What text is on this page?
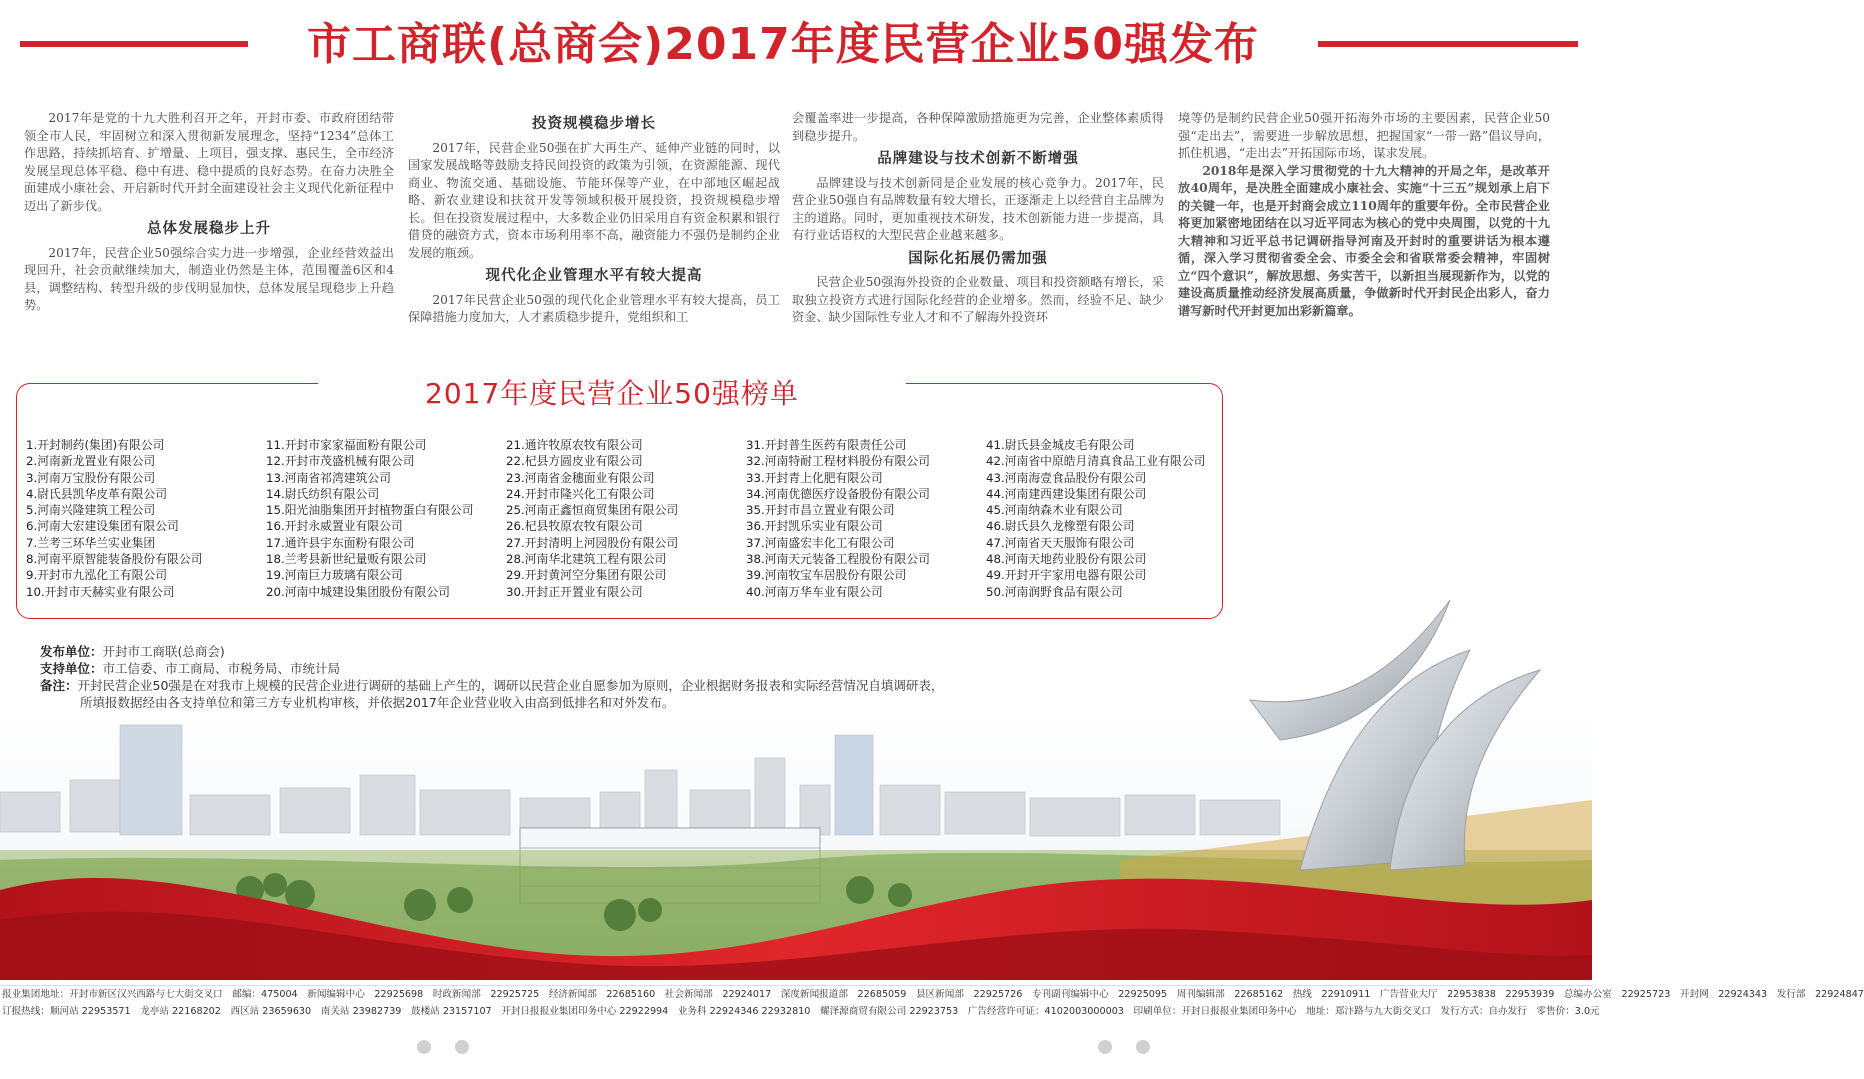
市工商联(总商会)2017年度民营企业50强发布

2017年是党的十九大胜利召开之年，开封市委、市政府团结带领全市人民，牢固树立和深入贯彻新发展理念，坚持“1234”总体工作思路，持续抓培育、扩增量、上项目，强支撑、惠民生，全市经济发展呈现总体平稳、稳中有进、稳中提质的良好态势。在奋力决胜全面建成小康社会、开启新时代开封全面建设社会主义现代化新征程中迈出了新步伐。

总体发展稳步上升

2017年，民营企业50强综合实力进一步增强，企业经营效益出现回升，社会贡献继续加大，制造业仍然是主体，范围覆盖6区和4县，调整结构、转型升级的步伐明显加快，总体发展呈现稳步上升趋势。

投资规模稳步增长

2017年，民营企业50强在扩大再生产、延伸产业链的同时，以国家发展战略等鼓励支持民间投资的政策为引领，在资源能源、现代商业、物流交通、基础设施、节能环保等产业，在中部地区崛起战略、新农业建设和扶贫开发等领域积极开展投资，投资规模稳步增长。但在投资发展过程中，大多数企业仍旧采用自有资金积累和银行借贷的融资方式，资本市场利用率不高，融资能力不强仍是制约企业发展的瓶颈。

现代化企业管理水平有较大提高

2017年民营企业50强的现代化企业管理水平有较大提高，员工保障措施力度加大，人才素质稳步提升，党组织和工

会覆盖率进一步提高，各种保障激励措施更为完善，企业整体素质得到稳步提升。

品牌建设与技术创新不断增强

品牌建设与技术创新同是企业发展的核心竞争力。2017年，民营企业50强自有品牌数量有较大增长，正逐渐走上以经营自主品牌为主的道路。同时，更加重视技术研发，技术创新能力进一步提高，具有行业话语权的大型民营企业越来越多。

国际化拓展仍需加强

民营企业50强海外投资的企业数量、项目和投资额略有增长，采取独立投资方式进行国际化经营的企业增多。然而，经验不足、缺少资金、缺少国际性专业人才和不了解海外投资环

境等仍是制约民营企业50强开拓海外市场的主要因素，民营企业50强“走出去”，需要进一步解放思想，把握国家“一带一路”倡议导向，抓住机遇，“走出去”开拓国际市场，谋求发展。

2018年是深入学习贯彻党的十九大精神的开局之年，是改革开放40周年，是决胜全面建成小康社会、实施“十三五”规划承上启下的关键一年，也是开封商会成立110周年的重要年份。全市民营企业将更加紧密地团结在以习近平同志为核心的党中央周围，以党的十九大精神和习近平总书记调研指导河南及开封时的重要讲话为根本遵循，深入学习贯彻省委全会、市委全会和省联常委会精神，牢固树立“四个意识”，解放思想、务实苦干，以新担当展现新作为，以党的建设高质量推动经济发展高质量，争做新时代开封民企出彩人，奋力谱写新时代开封更加出彩新篇章。

2017年度民营企业50强榜单
1.开封制药(集团)有限公司
2.河南新龙置业有限公司
3.河南万宝股份有限公司
4.尉氏县凯华皮革有限公司
5.河南兴隆建筑工程公司
6.河南大宏建设集团有限公司
7.兰考三环华兰实业集团
8.河南平原智能装备股份有限公司
9.开封市九泓化工有限公司
10.开封市天赫实业有限公司
11.开封市家家福面粉有限公司
12.开封市茂盛机械有限公司
13.河南省祁湾建筑公司
14.尉氏纺织有限公司
15.阳光油脂集团开封植物蛋白有限公司
16.开封永威置业有限公司
17.通许县宇东面粉有限公司
18.兰考县新世纪量贩有限公司
19.河南巨力玻璃有限公司
20.河南中城建设集团股份有限公司
21.通许牧原农牧有限公司
22.杞县方圆皮业有限公司
23.河南省金穗面业有限公司
24.开封市隆兴化工有限公司
25.河南正鑫恒商贸集团有限公司
26.杞县牧原农牧有限公司
27.开封清明上河园股份有限公司
28.河南华北建筑工程有限公司
29.开封黄河空分集团有限公司
30.开封正开置业有限公司
31.开封普生医药有限责任公司
32.河南特耐工程材料股份有限公司
33.开封青上化肥有限公司
34.河南优德医疗设备股份有限公司
35.开封市昌立置业有限公司
36.开封凯乐实业有限公司
37.河南盛宏丰化工有限公司
38.河南天元装备工程股份有限公司
39.河南牧宝车居股份有限公司
40.河南万华车业有限公司
41.尉氏县金城皮毛有限公司
42.河南省中原皓月清真食品工业有限公司
43.河南海壹食品股份有限公司
44.河南建西建设集团有限公司
45.河南纳森木业有限公司
46.尉氏县久龙橡塑有限公司
47.河南省天天服饰有限公司
48.河南天地药业股份有限公司
49.开封开宇家用电器有限公司
50.河南润野食品有限公司
发布单位：开封市工商联(总商会)
支持单位：市工信委、市工商局、市税务局、市统计局
备注：开封民营企业50强是在对我市上规模的民营企业进行调研的基础上产生的，调研以民营企业自愿参加为原则，企业根据财务报表和实际经营情况自填调研表，
所填报数据经由各支持单位和第三方专业机构审核，并依据2017年企业营业收入由高到低排名和对外发布。
报业集团地址：开封市新区汉兴西路与七大街交叉口　邮编：475004　新闻编辑中心　22925698　时政新闻部　22925725　经济新闻部　22685160　社会新闻部　22924017　深度新闻报道部　22685059　县区新闻部　22925726　专刊副刊编辑中心　22925095　周刊编辑部　22685162　热线　22910911　广告营业大厅　22953838　22953939　总编办公室　22925723　开封网　22924343　发行部　22924847
订报热线：顺河站 22953571　龙亭站 22168202　西区站 23659630　南关站 23982739　鼓楼站 23157107　开封日报报业集团印务中心 22922994　业务科 22924346 22932810　耀泽源商贸有限公司 22923753　广告经营许可证：4102003000003　印刷单位：开封日报报业集团印务中心　地址：郑汴路与九大街交叉口　发行方式：自办发行　零售价：3.0元
